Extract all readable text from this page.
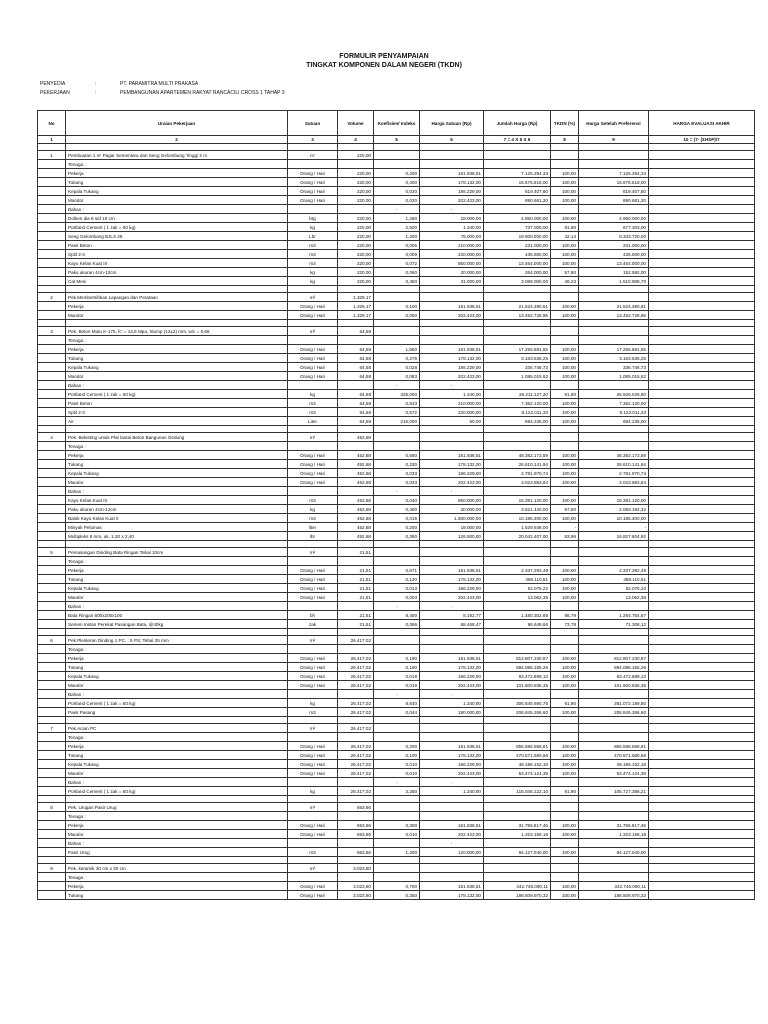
FORMULIR PENYAMPAIAN
TINGKAT KOMPONEN DALAM NEGERI (TKDN)
PENYEDIA	:	PT. PARAMITRA MULTI PRAKASA
PEKERJAAN	:	PEMBANGUNAN APARTEMEN RAKYAT RANCACILI CROSS 1 TAHAP 3
No	Uraian Pekerjaan	Satuan	Volume	Koefisien/ Indeks	Harga Satuan (Rp)	Jumlah Harga (Rp)	TKDN (%)	Harga Setelah Preferensi	HARGA EVALUASI AKHIR
1	2	3	4	5	6	7 = 4 X 5 X 6	8	9	10 = (7- (ΣHSP)/7

1	Pembuatan 1 m' Pagar Sementara dari Seng Gelombang Tinggi 2 m	m'	220,00						
	Tenaga :								
	Pekerja	Orang / Hari	220,00	0,200	161.938,51	7.125.294,33	100,00	7.125.294,33	
	Tukang	Orang / Hari	220,00	0,400	178.132,00	15.675.616,00	100,00	15.675.616,00	
	Kepala Tukang	Orang / Hari	220,00	0,020	186.229,00	819.407,60	100,00	819.407,60	
	Mandor	Orang / Hari	220,00	0,020	202.423,00	890.661,20	100,00	890.661,20	
	Bahan :			-	-				
	Dolken dia 8 s/d 10 cm	btg	220,00	1,250	18.000,00	4.950.000,00	100,00	4.950.000,00	
	Portland Cement ( 1 zak = 50 kg)	kg	220,00	2,500	1.340,00	737.000,00	91,90	677.303,00	
	Seng Gelombang BJLS 28	Lbr	220,00	1,200	75.000,00	19.800.000,00	42,14	8.343.720,00	
	Pasir Beton	m3	220,00	0,005	210.000,00	231.000,00	100,00	231.000,00	
	Split 2-3	m3	220,00	0,009	220.000,00	435.600,00	100,00	435.600,00	
	Kayu Kelas Kuat III	m3	220,00	0,072	850.000,00	13.464.000,00	100,00	13.464.000,00	
	Paku ukuran 4cm-12cm	kg	220,00	0,060	20.000,00	264.000,00	57,80	152.592,00	
	Cat Meni	kg	220,00	0,450	31.000,00	3.069.000,00	49,23	1.510.868,70	

2	Pek.Membersihkan Lapangan dan Perataan	m²	1.329,17						
	Pekerja	Orang / Hari	1.329,17	0,100	161.938,51	21.524.380,61	100,00	21.524.380,61	
	Mandor	Orang / Hari	1.329,17	0,050	202.423,00	13.452.728,95	100,00	13.452.728,95	

3	Pek. Beton Mutu K-175, fc' = 14,5 Mpa, Slump (12±2) mm, w/c = 0,66	m³	64,58						
	Tenaga :								
	Pekerja	Orang / Hari	64,58	1,650	161.938,51	17.256.681,55	100,00	17.256.681,55	
	Tukang	Orang / Hari	64,58	0,275	178.132,00	3.163.535,25	100,00	3.163.535,25	
	Kepala Tukang	Orang / Hari	64,58	0,028	186.229,00	336.746,73	100,00	336.746,73	
	Mandor	Orang / Hari	64,58	0,083	202.423,00	1.085.015,62	100,00	1.085.015,62	
	Bahan :			-	-				
	Portland Cement ( 1 zak = 50 kg)	kg	64,58	326,000	1.340,00	28.211.127,20	91,90	25.926.025,90	
	Pasir Beton	m3	64,58	0,543	210.000,00	7.362.120,00	100,00	7.362.120,00	
	Split 2-3	m3	64,58	0,572	220.000,00	8.122.011,33	100,00	8.122.011,33	
	Air	Liter	64,58	215,000	50,00	694.235,00	100,00	694.235,00	

4	Pek. Bekisting untuk Plat lantai Beton Bangunan Gedung	m²	452,68						
	Tenaga :								
	Pekerja	Orang / Hari	452,68	0,660	161.938,51	48.382.173,59	100,00	48.382.173,59	
	Tukang	Orang / Hari	452,68	0,330	178.132,00	26.610.141,94	100,00	26.610.141,94	
	Kepala Tukang	Orang / Hari	452,68	0,033	186.229,00	2.781.970,74	100,00	2.781.970,74	
	Mandor	Orang / Hari	452,68	0,033	202.423,00	3.023.883,84	100,00	3.023.883,84	
	Bahan :			-	-				
	Kayu Kelas Kuat III	m3	452,68	0,040	850.000,00	15.391.120,00	100,00	15.391.120,00	
	Paku ukuran 4cm-12cm	kg	452,68	0,400	20.000,00	3.621.440,00	57,80	2.093.192,32	
	Balok Kayu Kelas Kuat II	m3	452,68	0,015	1.500.000,00	10.185.300,00	100,00	10.185.300,00	
	Minyak Pelumas	liter	452,68	0,200	18.000,00	1.629.648,00	-	-	
	Multipleks 9 mm, uk. 1,20 x 2,40	lbr	452,68	0,350	126.500,00	20.042.407,00	83,96	16.827.604,92	

5	Pemasangan Dinding Bata Ringan Tebal 10cm	m²	21,51						
	Tenaga :								
	Pekerja	Orang / Hari	21,51	0,671	161.938,51	2.337.292,49	100,00	2.337.292,49	
	Tukang	Orang / Hari	21,51	0,130	178.132,00	498.110,51	100,00	498.110,51	
	Kepala Tukang	Orang / Hari	21,51	0,013	186.229,00	52.075,22	100,00	52.075,22	
	Mandor	Orang / Hari	21,51	0,003	202.423,00	13.062,36	100,00	13.062,36	
	Bahan :			-	-				
	Bata Ringan 600x200x100	bh	21,51	8,400	8.192,77	1.480.302,65	86,79	1.284.754,67	
	Semen Instan Perekat Pasangan Bata, @40kg	zak	21,51	0,066	68.468,47	96.649,66	73,78	71.308,12	

6	Pek.Plesteran Dinding 1 PC. : 5 PS; Tebal 25 mm	m²	26.417,02						
	Tenaga :								
	Pekerja	Orang / Hari	26.417,02	0,190	161.938,51	812.807.230,87	100,00	812.807.230,87	
	Tukang	Orang / Hari	26.417,02	0,190	178.132,00	894.086.155,26	100,00	894.086.155,26	
	Kepala Tukang	Orang / Hari	26.417,02	0,019	186.229,00	93.472.689,13	100,00	93.472.689,13	
	Mandor	Orang / Hari	26.417,02	0,019	202.423,00	101.600.836,35	100,00	101.600.836,35	
	Bahan :			-	-				
	Portland Cement ( 1 zak = 50 kg)	kg	26.417,02	8,640	1.340,00	305.845.690,75	91,90	281.072.189,80	
	Pasir Pasang	m3	26.417,02	0,044	180.000,00	206.845.266,60	100,00	206.845.266,60	

7	Pek.Acian PC	m²	26.417,02						
	Tenaga :								
	Pekerja	Orang / Hari	26.417,02	0,200	161.938,51	855.586.558,81	100,00	855.586.558,81	
	Tukang	Orang / Hari	26.417,02	0,100	178.132,00	470.571.680,66	100,00	470.571.680,66	
	Kepala Tukang	Orang / Hari	26.417,02	0,010	186.229,00	49.196.152,18	100,00	49.196.152,18	
	Mandor	Orang / Hari	26.417,02	0,010	202.423,00	53.474.124,39	100,00	53.474.124,39	
	Bahan :			-	-				
	Portland Cement ( 1 zak = 50 kg)	kg	26.417,02	3,250	1.340,00	115.046.122,10	91,90	105.727.386,21	

8	Pek. Urugan Pasir Urug	m³	653,66						
	Tenaga :								
	Pekerja	Orang / Hari	653,66	0,300	161.938,51	31.755.817,46	100,00	31.755.817,46	
	Mandor	Orang / Hari	653,66	0,010	202.423,00	1.323.158,18	100,00	1.323.158,18	
	Bahan :				-				
	Pasir Urug	m3	653,66	1,200	120.000,00	94.127.040,00	100,00	94.127.040,00	

9	Pek. keramik 30 cm x 30 cm	m²	3.023,60						
	Tenaga :								
	Pekerja	Orang / Hari	3.023,60	0,700	161.938,51	342.746.090,11	100,00	342.746.090,11	
	Tukang	Orang / Hari	3.023,60	0,350	178.132,00	188.509.970,32	100,00	188.509.970,32	
